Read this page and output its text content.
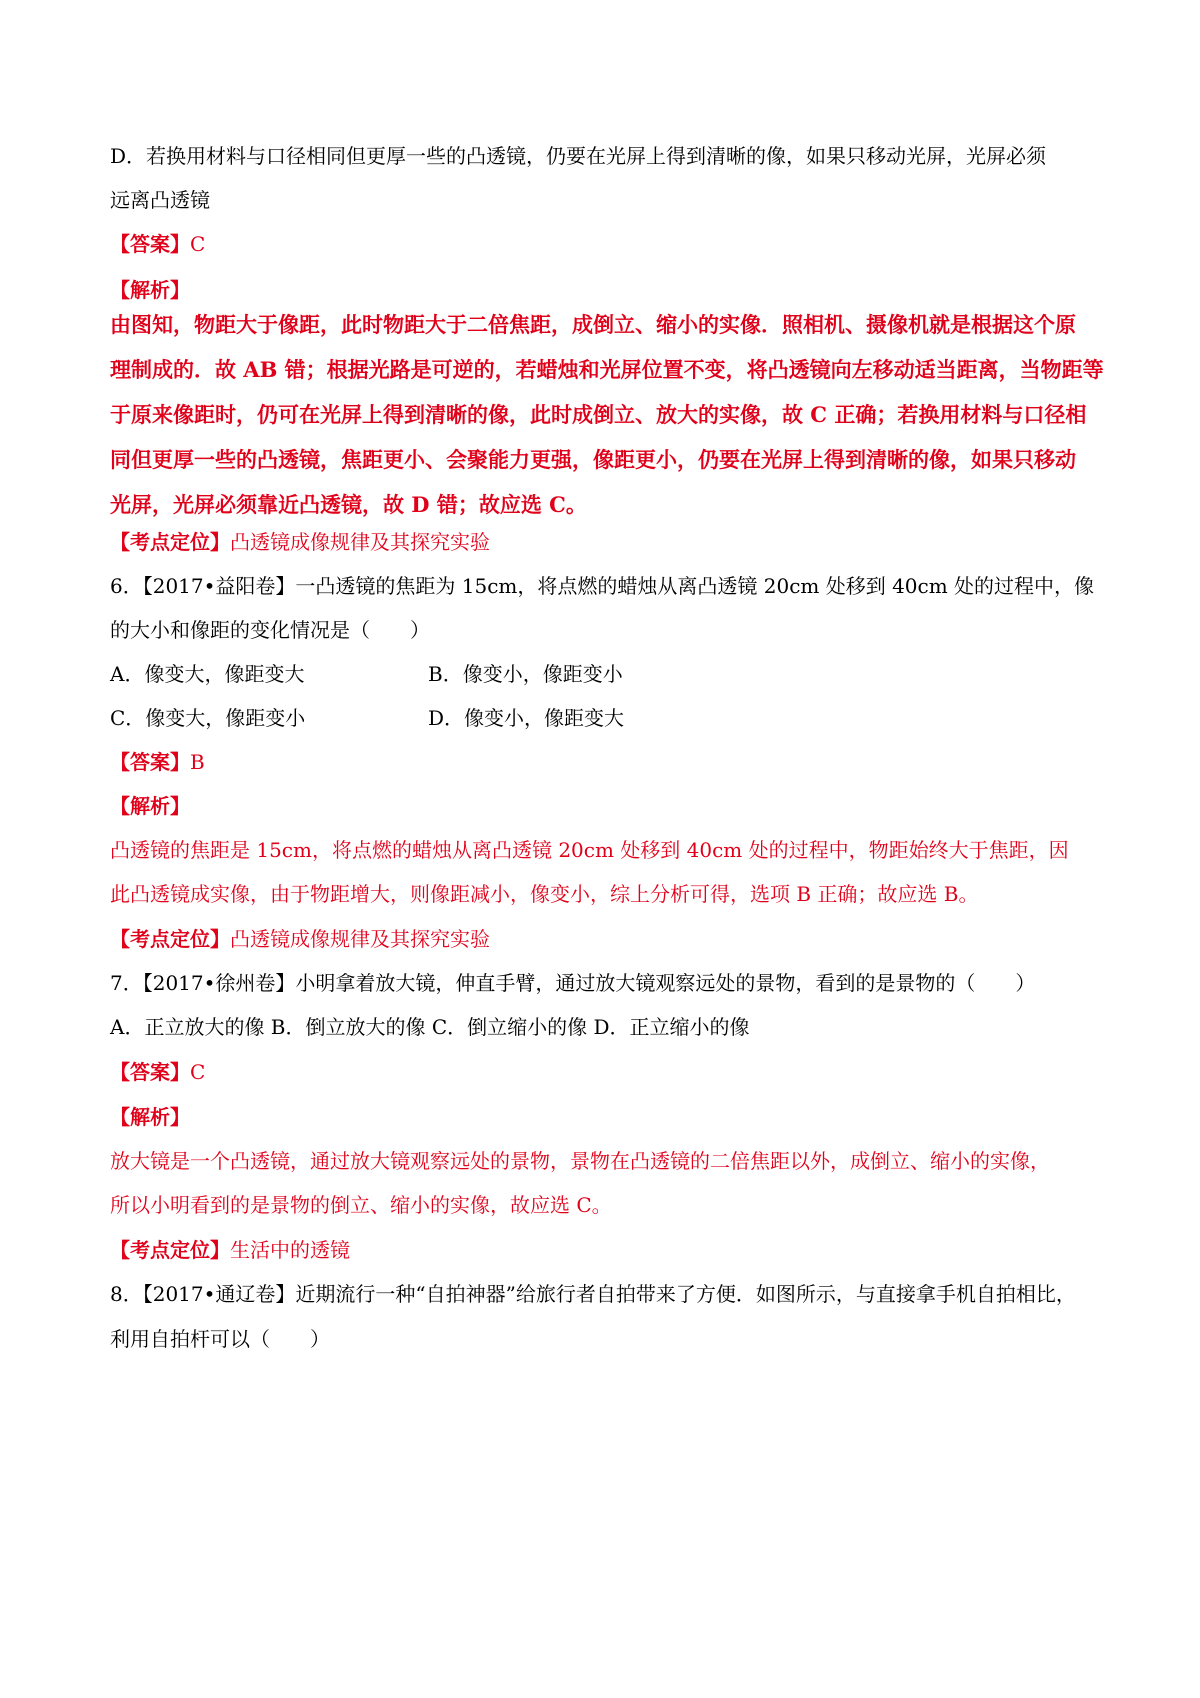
D．若换用材料与口径相同但更厚一些的凸透镜，仍要在光屏上得到清晰的像，如果只移动光屏，光屏必须
远离凸透镜
【答案】C
【解析】
由图知，物距大于像距，此时物距大于二倍焦距，成倒立、缩小的实像．照相机、摄像机就是根据这个原
理制成的．故 AB 错；根据光路是可逆的，若蜡烛和光屏位置不变，将凸透镜向左移动适当距离，当物距等
于原来像距时，仍可在光屏上得到清晰的像，此时成倒立、放大的实像，故 C 正确；若换用材料与口径相
同但更厚一些的凸透镜，焦距更小、会聚能力更强，像距更小，仍要在光屏上得到清晰的像，如果只移动
光屏，光屏必须靠近凸透镜，故 D 错；故应选 C。
【考点定位】凸透镜成像规律及其探究实验
6．【2017•益阳卷】一凸透镜的焦距为 15cm，将点燃的蜡烛从离凸透镜 20cm 处移到 40cm 处的过程中，像
的大小和像距的变化情况是（　　）
A．像变大，像距变大	B．像变小，像距变小
C．像变大，像距变小	D．像变小，像距变大
【答案】B
【解析】
凸透镜的焦距是 15cm，将点燃的蜡烛从离凸透镜 20cm 处移到 40cm 处的过程中，物距始终大于焦距，因
此凸透镜成实像，由于物距增大，则像距减小，像变小，综上分析可得，选项 B 正确；故应选 B。
【考点定位】凸透镜成像规律及其探究实验
7．【2017•徐州卷】小明拿着放大镜，伸直手臂，通过放大镜观察远处的景物，看到的是景物的（　　）
A．正立放大的像 B．倒立放大的像 C．倒立缩小的像 D．正立缩小的像
【答案】C
【解析】
放大镜是一个凸透镜，通过放大镜观察远处的景物，景物在凸透镜的二倍焦距以外，成倒立、缩小的实像，
所以小明看到的是景物的倒立、缩小的实像，故应选 C。
【考点定位】生活中的透镜
8．【2017•通辽卷】近期流行一种“自拍神器”给旅行者自拍带来了方便．如图所示，与直接拿手机自拍相比，
利用自拍杆可以（　　）
